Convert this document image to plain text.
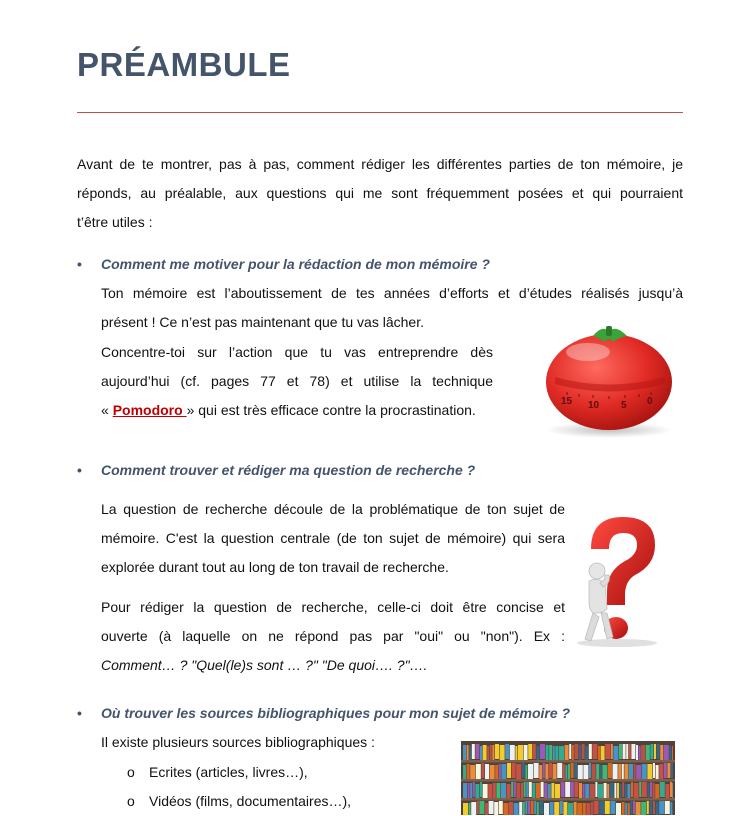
PRÉAMBULE

Avant de te montrer, pas à pas, comment rédiger les différentes parties de ton mémoire, je

réponds, au préalable, aux questions qui me sont fréquemment posées et qui pourraient

t’être utiles :

• Comment me motiver pour la rédaction de mon mémoire ?

Ton mémoire est l’aboutissement de tes années d’efforts et d’études réalisés jusqu’à

présent ! Ce n’est pas maintenant que tu vas lâcher.

Concentre-toi sur l’action que tu vas entreprendre dès

aujourd’hui (cf. pages 77 et 78) et utilise la technique

« Pomodoro » qui est très efficace contre la procrastination.

15 10 5 0

• Comment trouver et rédiger ma question de recherche ?

La question de recherche découle de la problématique de ton sujet de

mémoire. C'est la question centrale (de ton sujet de mémoire) qui sera

explorée durant tout au long de ton travail de recherche.

Pour rédiger la question de recherche, celle-ci doit être concise et

ouverte (à laquelle on ne répond pas par "oui" ou "non"). Ex :

Comment… ? "Quel(le)s sont … ?" "De quoi…. ?"….

• Où trouver les sources bibliographiques pour mon sujet de mémoire ?

Il existe plusieurs sources bibliographiques :

o Ecrites (articles, livres…),
o Vidéos (films, documentaires…),
